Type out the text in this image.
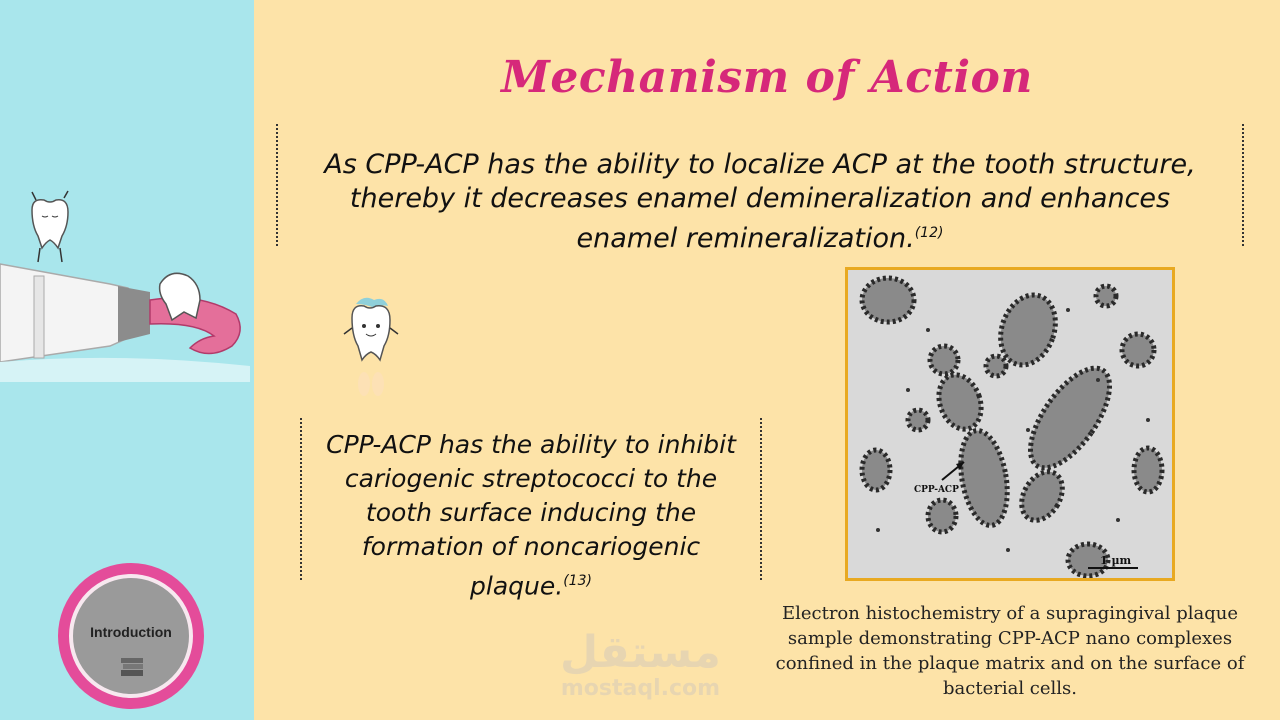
Introduction
Mechanism of Action

As CPP-ACP has the ability to localize ACP at the tooth structure, thereby it decreases enamel demineralization and enhances enamel remineralization.$^{(12)}$

CPP-ACP has the ability to inhibit cariogenic streptococci to the tooth surface inducing the formation of noncariogenic plaque.$^{(13)}$

CPP-ACP
1 µm
Electron histochemistry of a supragingival plaque sample demonstrating CPP-ACP nano complexes confined in the plaque matrix and on the surface of bacterial cells.
مستقل
mostaql.com
